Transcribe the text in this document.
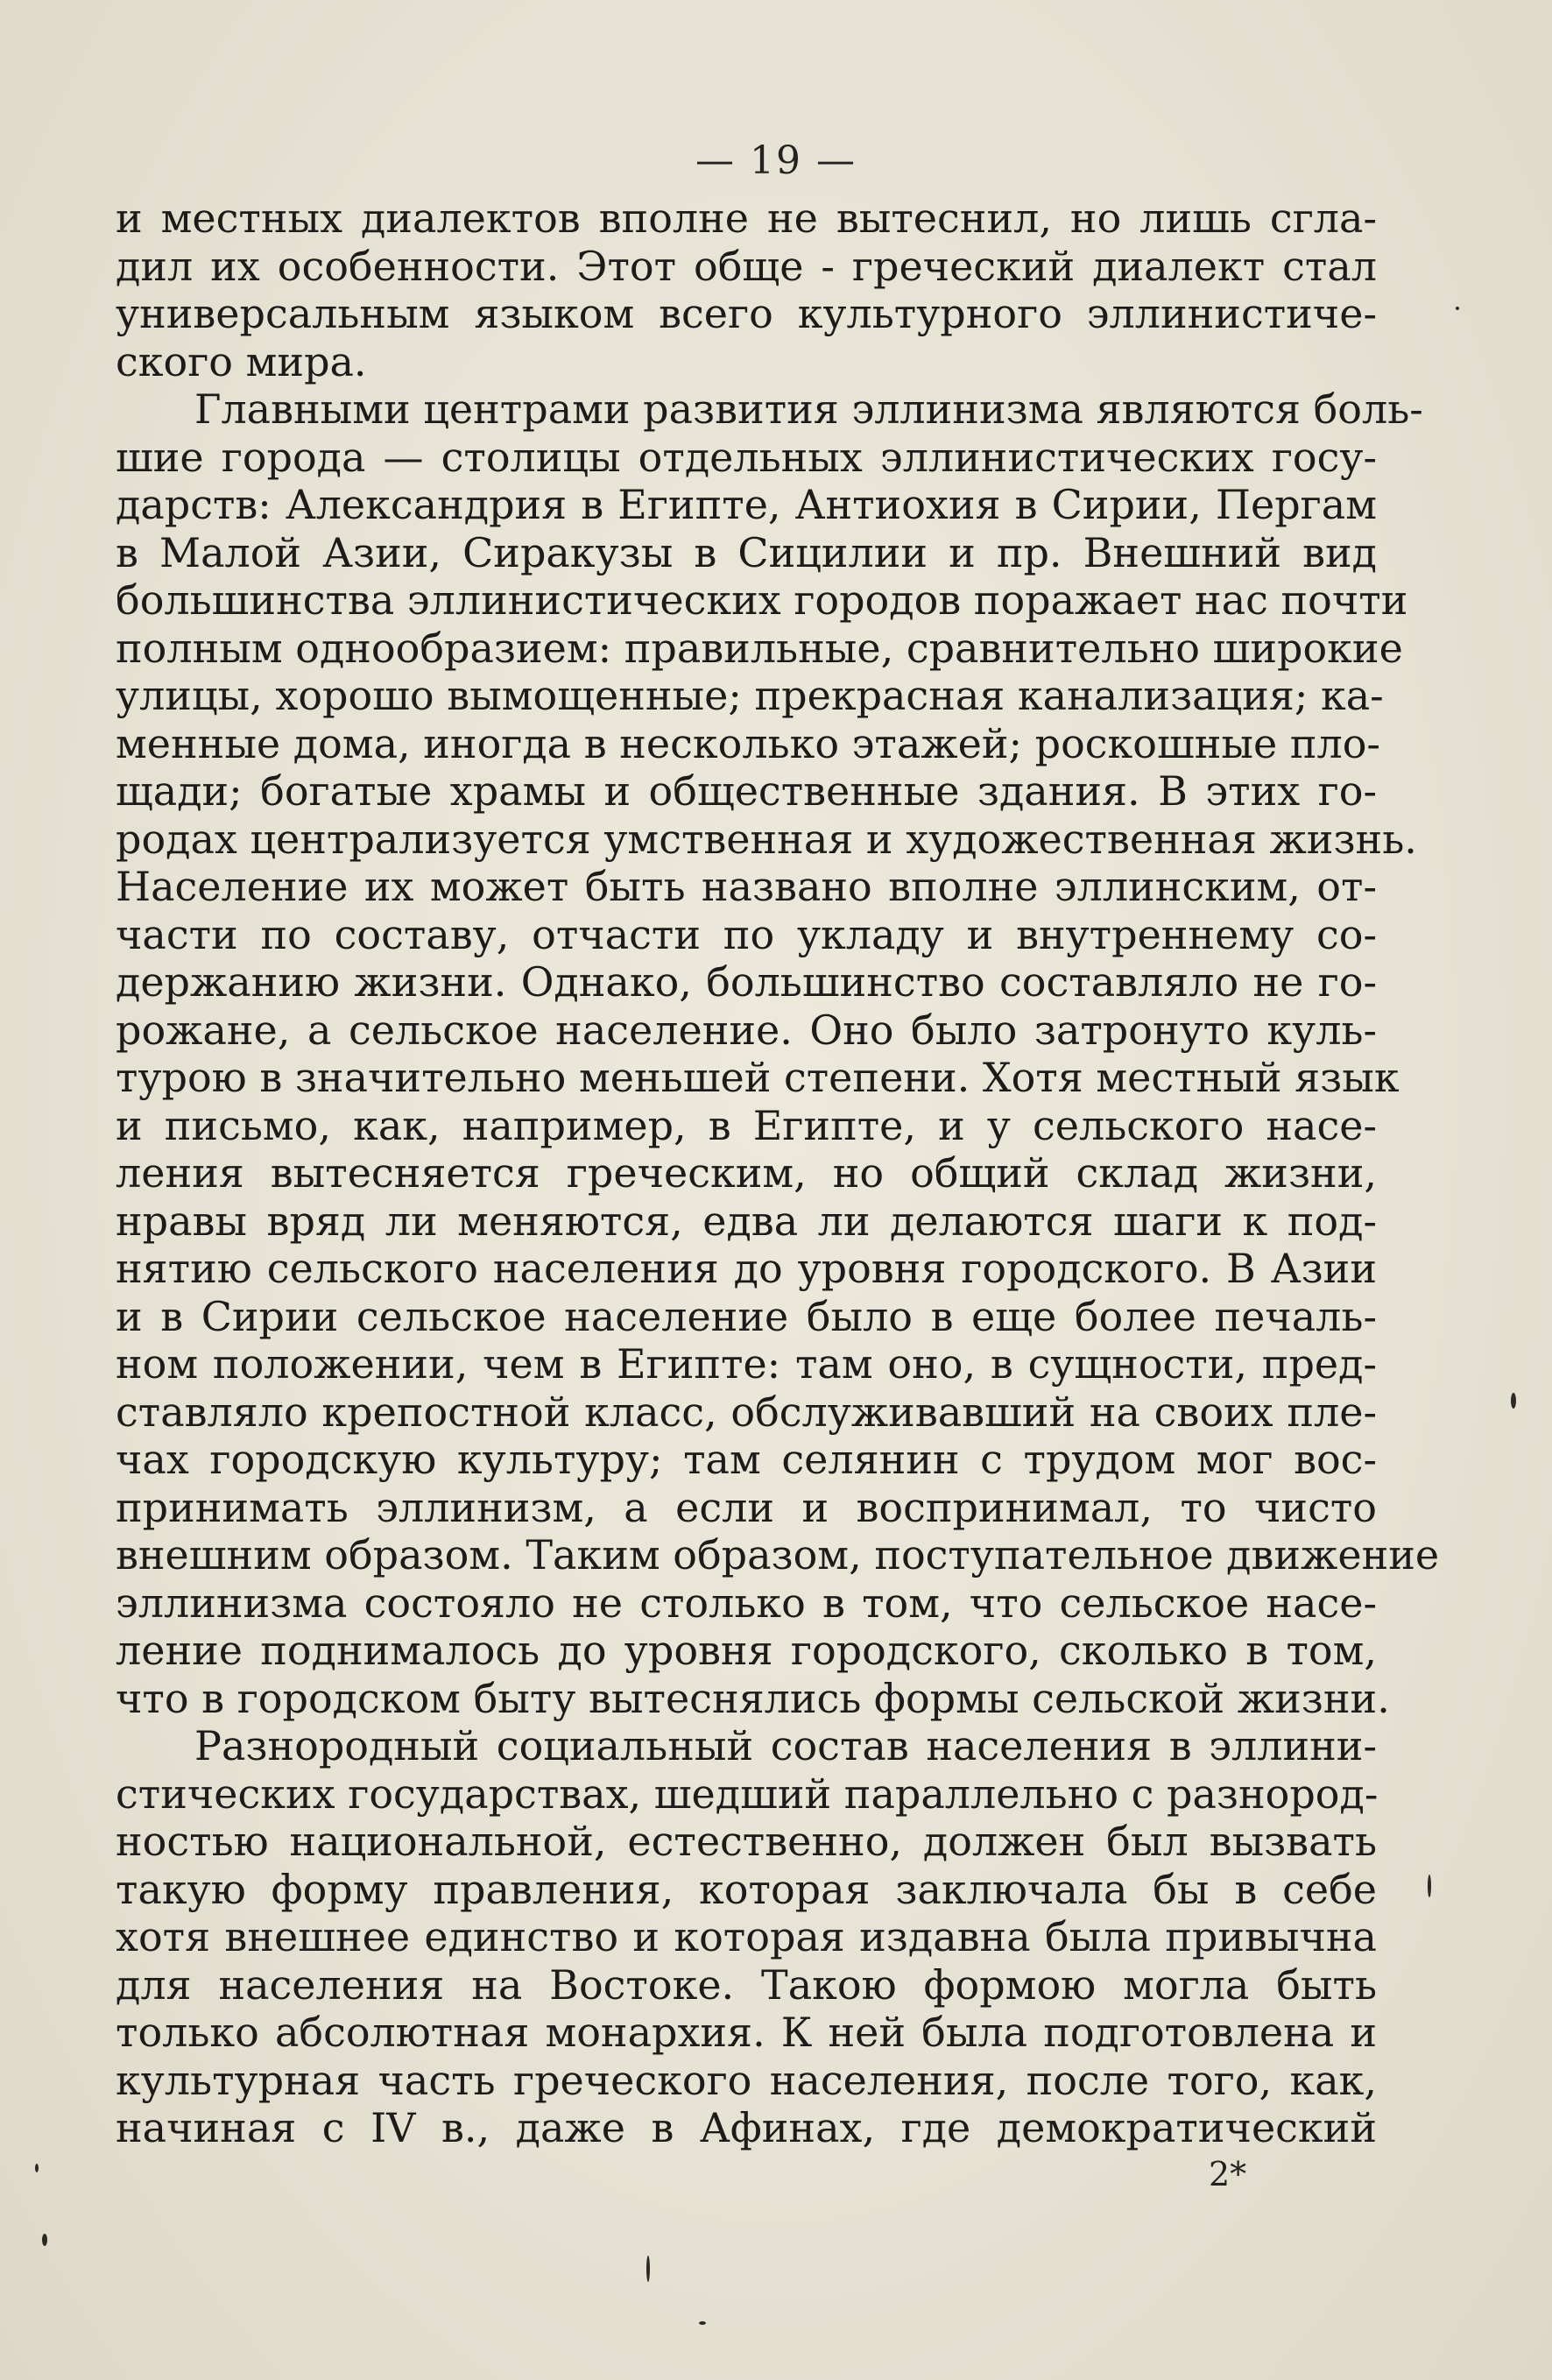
— 19 —
и местных диалектов вполне не вытеснил, но лишь сгла-
дил их особенности. Этот обще - греческий диалект стал
универсальным языком всего культурного эллинистиче-
ского мира.
Главными центрами развития эллинизма являются боль-
шие города — столицы отдельных эллинистических госу-
дарств: Александрия в Египте, Антиохия в Сирии, Пергам
в Малой Азии, Сиракузы в Сицилии и пр. Внешний вид
большинства эллинистических городов поражает нас почти
полным однообразием: правильные, сравнительно широкие
улицы, хорошо вымощенные; прекрасная канализация; ка-
менные дома, иногда в несколько этажей; роскошные пло-
щади; богатые храмы и общественные здания. В этих го-
родах централизуется умственная и художественная жизнь.
Население их может быть названо вполне эллинским, от-
части по составу, отчасти по укладу и внутреннему со-
держанию жизни. Однако, большинство составляло не го-
рожане, а сельское население. Оно было затронуто куль-
турою в значительно меньшей степени. Хотя местный язык
и письмо, как, например, в Египте, и у сельского насе-
ления вытесняется греческим, но общий склад жизни,
нравы вряд ли меняются, едва ли делаются шаги к под-
нятию сельского населения до уровня городского. В Азии
и в Сирии сельское население было в еще более печаль-
ном положении, чем в Египте: там оно, в сущности, пред-
ставляло крепостной класс, обслуживавший на своих пле-
чах городскую культуру; там селянин с трудом мог вос-
принимать эллинизм, а если и воспринимал, то чисто
внешним образом. Таким образом, поступательное движение
эллинизма состояло не столько в том, что сельское насе-
ление поднималось до уровня городского, сколько в том,
что в городском быту вытеснялись формы сельской жизни.
Разнородный социальный состав населения в эллини-
стических государствах, шедший параллельно с разнород-
ностью национальной, естественно, должен был вызвать
такую форму правления, которая заключала бы в себе
хотя внешнее единство и которая издавна была привычна
для населения на Востоке. Такою формою могла быть
только абсолютная монархия. К ней была подготовлена и
культурная часть греческого населения, после того, как,
начиная с IV в., даже в Афинах, где демократический
2*
